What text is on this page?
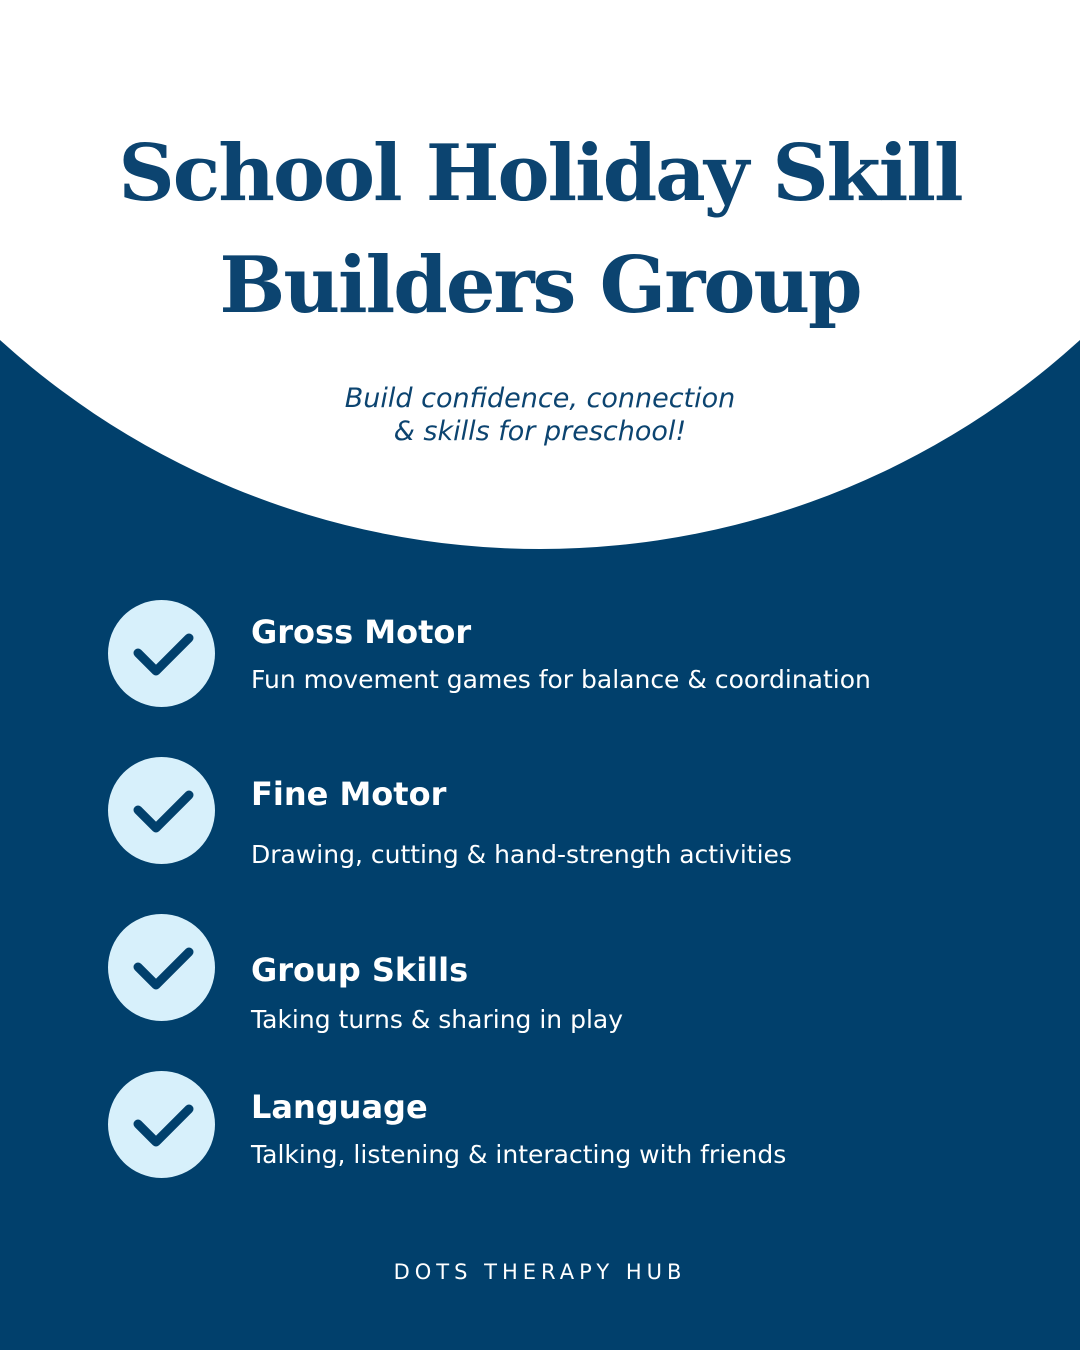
School Holiday Skill
Builders Group

Build confidence, connection
& skills for preschool!

Gross Motor

Fun movement games for balance & coordination

Fine Motor

Drawing, cutting & hand-strength activities

Group Skills

Taking turns & sharing in play

Language

Talking, listening & interacting with friends

DOTS THERAPY HUB
